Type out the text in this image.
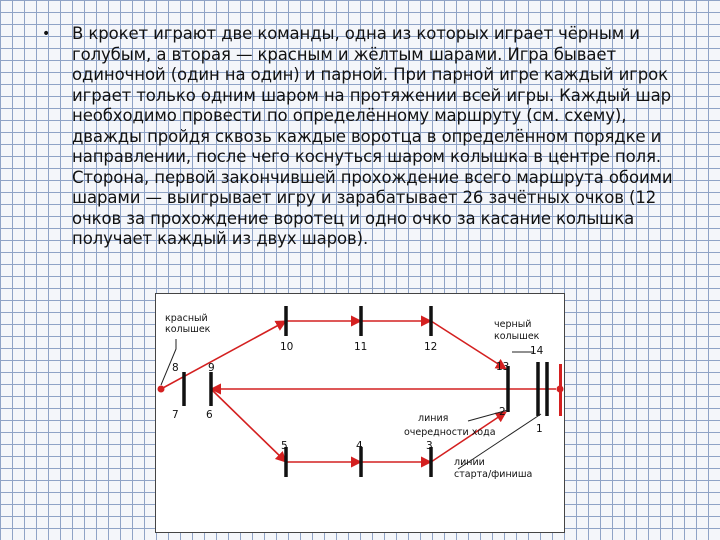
• В крокет играют две команды, одна из которых играет чёрным и голубым, а вторая — красным и жёлтым шарами. Игра бывает одиночной (один на один) и парной. При парной игре каждый игрок играет только одним шаром на протяжении всей игры. Каждый шар необходимо провести по определённому маршруту (см. схему), дважды пройдя сквозь каждые воротца в определённом порядке и направлении, после чего коснуться шаром колышка в центре поля. Сторона, первой закончившей прохождение всего маршрута обоими шарами — выигрывает игру и зарабатывает 26 зачётных очков (12 очков за прохождение воротец и одно очко за касание колышка получает каждый из двух шаров).
8	9
7	6
10	11	12
5	4	3
13
14
2
1
красный
колышек	черный
колышек
линия
очередности хода
линии
старта/финиша
